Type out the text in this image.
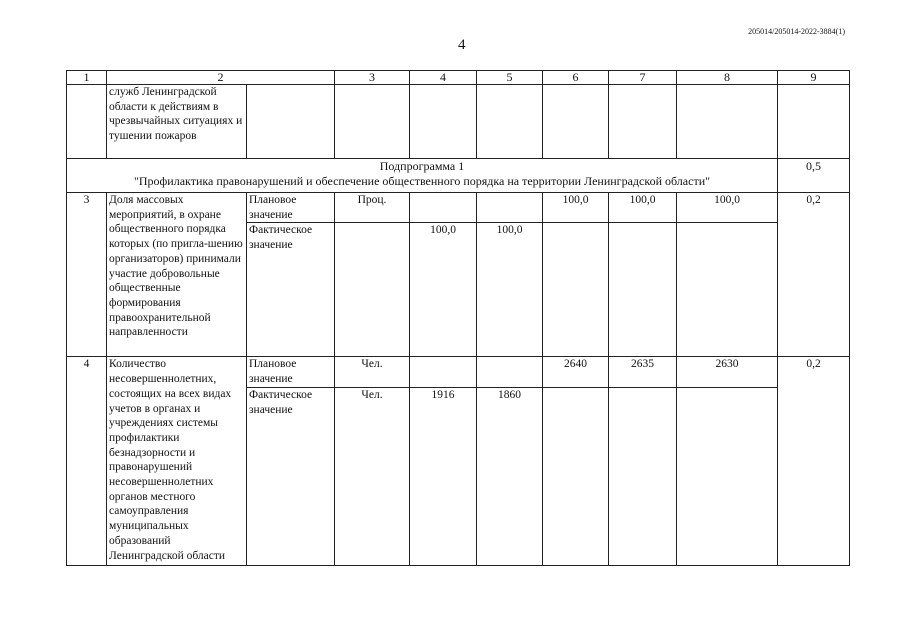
205014/205014-2022-3884(1)
4
1	2		3	4	5	6	7	8	9
	служб Ленинградской области к действиям в чрезвычайных ситуациях и тушении пожаров								

Подпрограмма 1
"Профилактика правонарушений и обеспечение общественного порядка на территории Ленинградской области"									0,5
3	Доля массовых мероприятий, в охране общественного порядка которых (по пригла-шению организаторов) принимали участие добровольные общественные формирования правоохранительной направленности	Плановое значение	Проц.			100,0	100,0	100,0	0,2
		Фактическое значение		100,0	100,0				
4	Количество несовершеннолетних, состоящих на всех видах учетов в органах и учреждениях системы профилактики безнадзорности и правонарушений несовершеннолетних органов местного самоуправления муниципальных образований Ленинградской области	Плановое значение	Чел.			2640	2635	2630	0,2
		Фактическое значение	Чел.	1916	1860				
